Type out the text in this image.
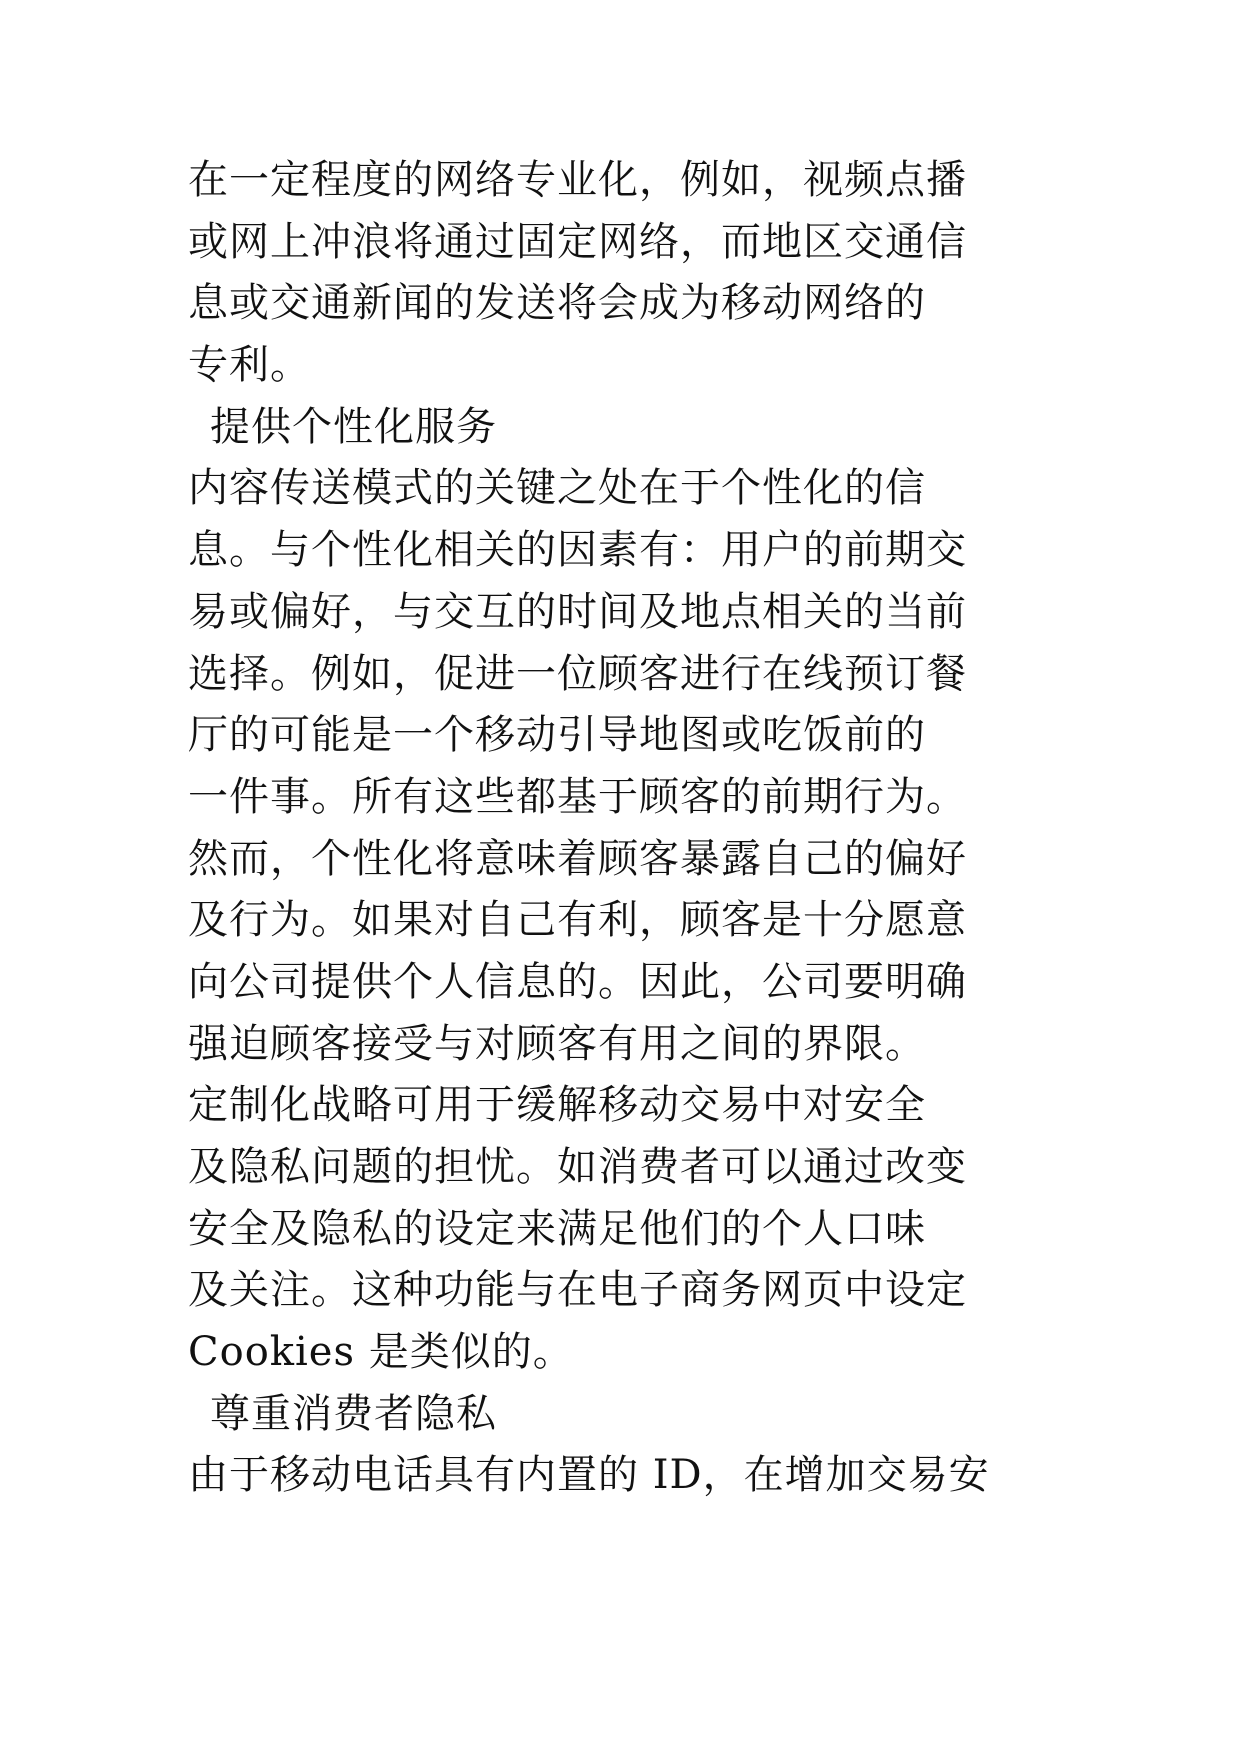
在一定程度的网络专业化，例如，视频点播
或网上冲浪将通过固定网络，而地区交通信
息或交通新闻的发送将会成为移动网络的
专利。
提供个性化服务
内容传送模式的关键之处在于个性化的信
息。与个性化相关的因素有：用户的前期交
易或偏好，与交互的时间及地点相关的当前
选择。例如，促进一位顾客进行在线预订餐
厅的可能是一个移动引导地图或吃饭前的
一件事。所有这些都基于顾客的前期行为。
然而，个性化将意味着顾客暴露自己的偏好
及行为。如果对自己有利，顾客是十分愿意
向公司提供个人信息的。因此，公司要明确
强迫顾客接受与对顾客有用之间的界限。
定制化战略可用于缓解移动交易中对安全
及隐私问题的担忧。如消费者可以通过改变
安全及隐私的设定来满足他们的个人口味
及关注。这种功能与在电子商务网页中设定
Cookies 是类似的。
尊重消费者隐私
由于移动电话具有内置的 ID，在增加交易安
